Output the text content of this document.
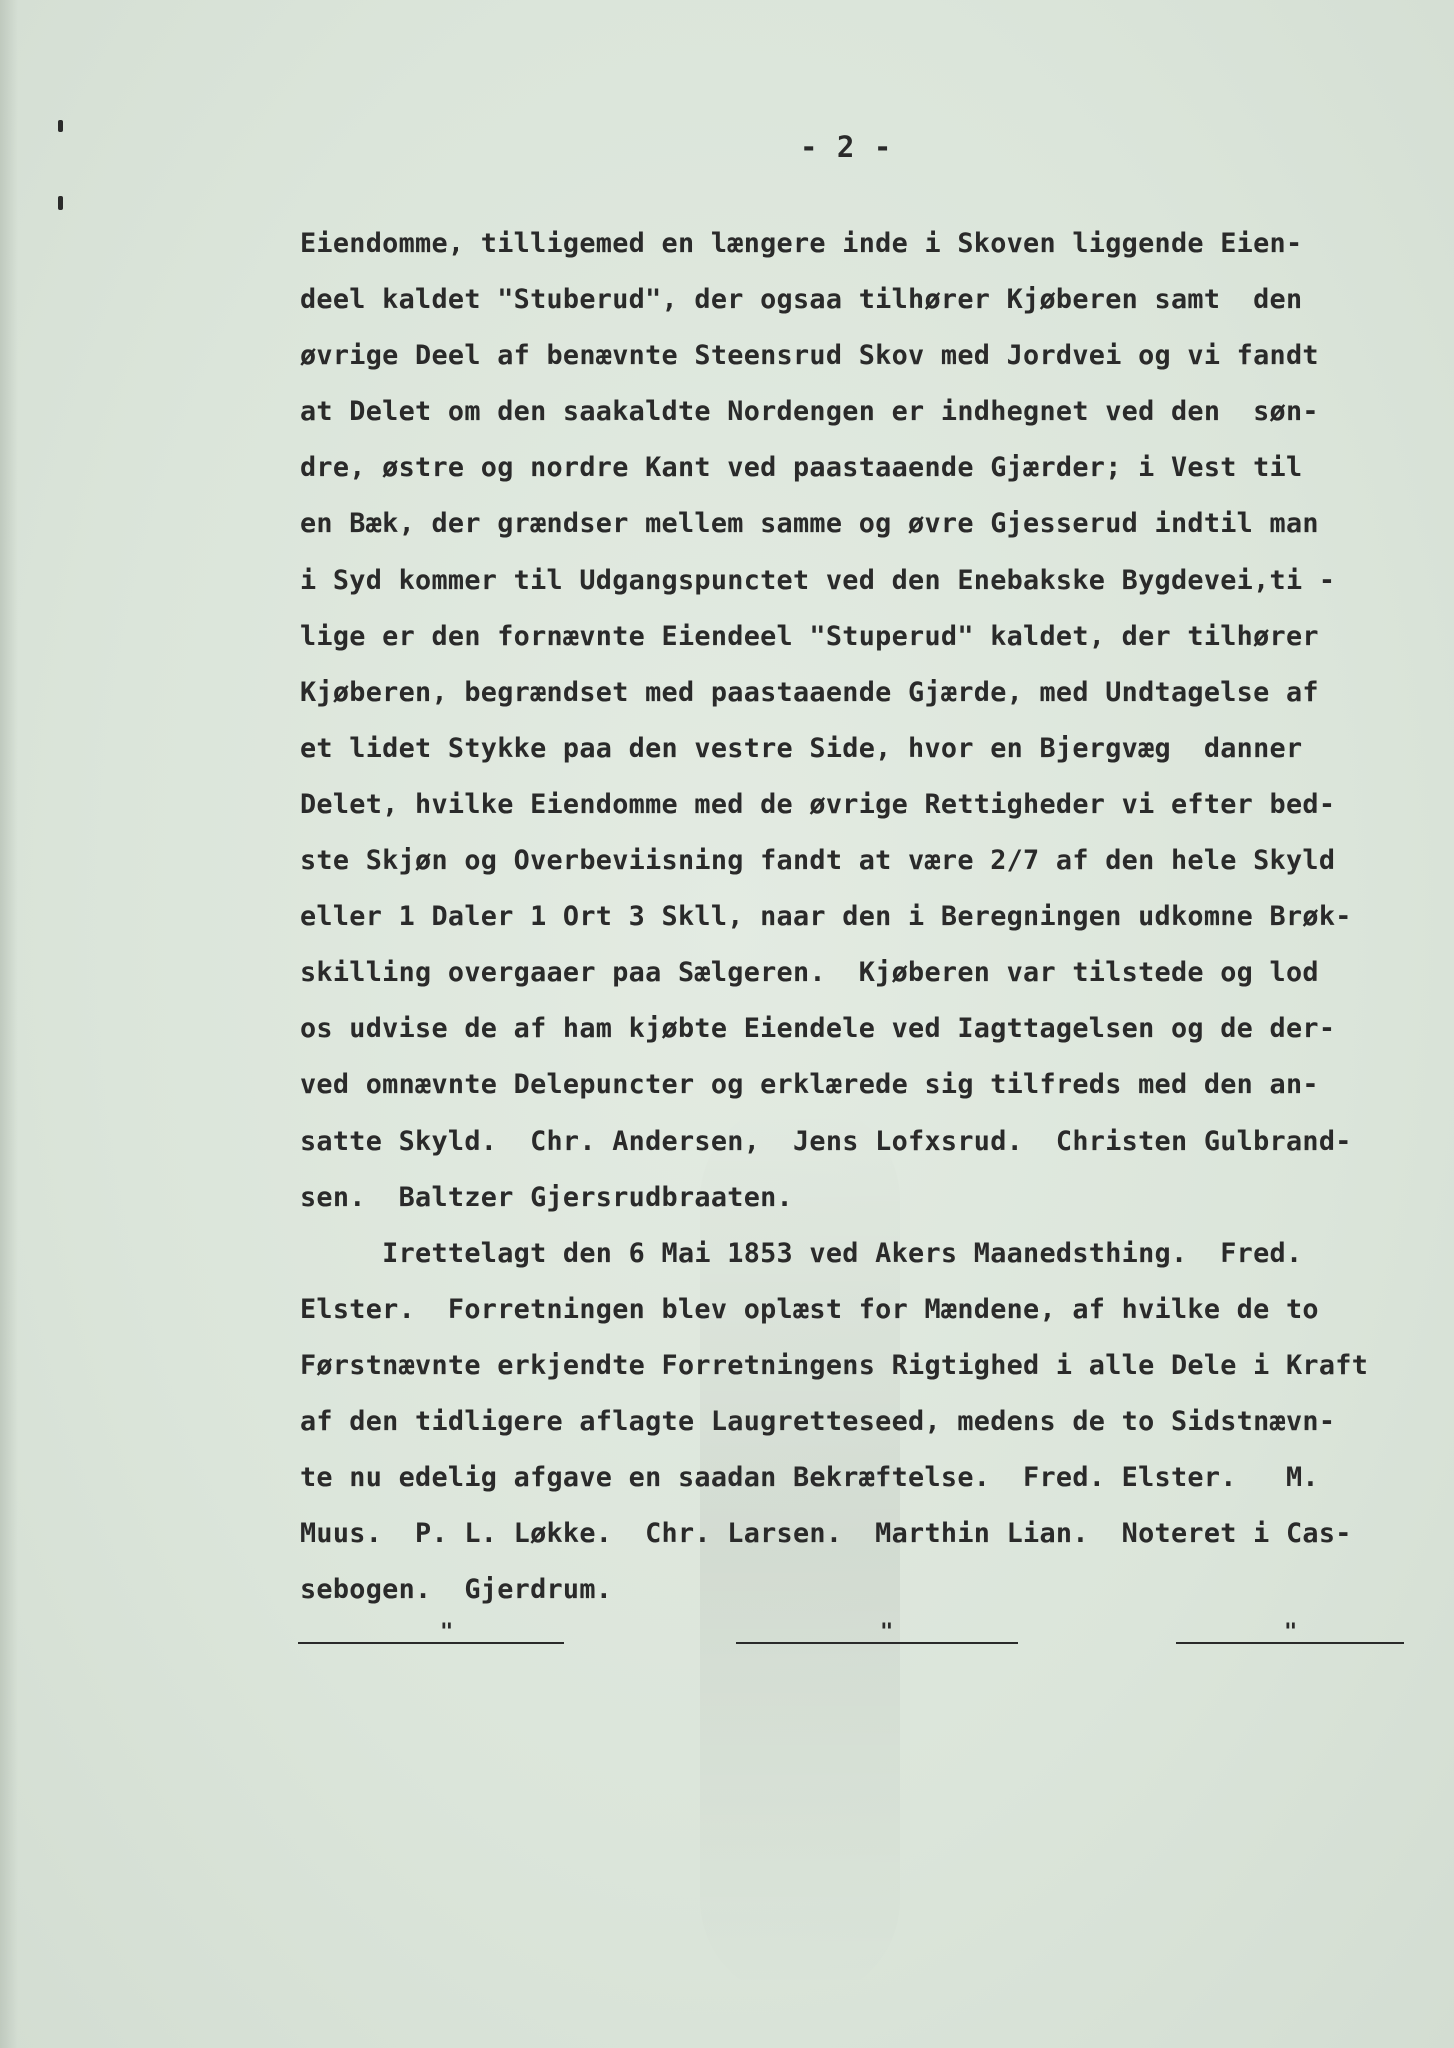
- 2 -
Eiendomme, tilligemed en længere inde i Skoven liggende Eien-
deel kaldet "Stuberud", der ogsaa tilhører Kjøberen samt  den
øvrige Deel af benævnte Steensrud Skov med Jordvei og vi fandt
at Delet om den saakaldte Nordengen er indhegnet ved den  søn-
dre, østre og nordre Kant ved paastaaende Gjærder; i Vest til
en Bæk, der grændser mellem samme og øvre Gjesserud indtil man
i Syd kommer til Udgangspunctet ved den Enebakske Bygdevei,ti -
lige er den fornævnte Eiendeel "Stuperud" kaldet, der tilhører
Kjøberen, begrændset med paastaaende Gjærde, med Undtagelse af
et lidet Stykke paa den vestre Side, hvor en Bjergvæg  danner
Delet, hvilke Eiendomme med de øvrige Rettigheder vi efter bed-
ste Skjøn og Overbeviisning fandt at være 2/7 af den hele Skyld
eller 1 Daler 1 Ort 3 Skll, naar den i Beregningen udkomne Brøk-
skilling overgaaer paa Sælgeren.  Kjøberen var tilstede og lod
os udvise de af ham kjøbte Eiendele ved Iagttagelsen og de der-
ved omnævnte Delepuncter og erklærede sig tilfreds med den an-
satte Skyld.  Chr. Andersen,  Jens Lofxsrud.  Christen Gulbrand-
sen.  Baltzer Gjersrudbraaten.
Irettelagt den 6 Mai 1853 ved Akers Maanedsthing.  Fred.
Elster.  Forretningen blev oplæst for Mændene, af hvilke de to
Førstnævnte erkjendte Forretningens Rigtighed i alle Dele i Kraft
af den tidligere aflagte Laugretteseed, medens de to Sidstnævn-
te nu edelig afgave en saadan Bekræftelse.  Fred. Elster.   M.
Muus.  P. L. Løkke.  Chr. Larsen.  Marthin Lian.  Noteret i Cas-
sebogen.  Gjerdrum.
"	"	"
